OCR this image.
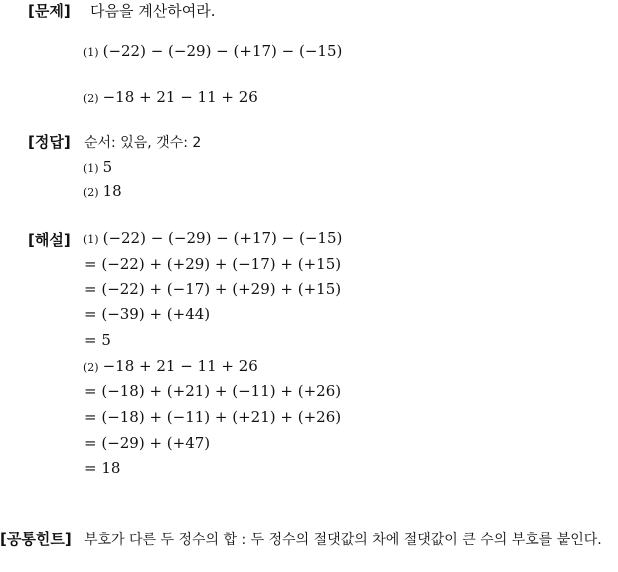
[문제] 다음을 계산하여라.
(1) (−22) − (−29) − (+17) − (−15)
(2) −18 + 21 − 11 + 26
[정답] 순서: 있음, 갯수: 2
(1) 5
(2) 18
[해설] (1) (−22) − (−29) − (+17) − (−15)
= (−22) + (+29) + (−17) + (+15)
= (−22) + (−17) + (+29) + (+15)
= (−39) + (+44)
= 5
(2) −18 + 21 − 11 + 26
= (−18) + (+21) + (−11) + (+26)
= (−18) + (−11) + (+21) + (+26)
= (−29) + (+47)
= 18
[공통힌트] 부호가 다른 두 정수의 합 : 두 정수의 절댓값의 차에 절댓값이 큰 수의 부호를 붙인다.
